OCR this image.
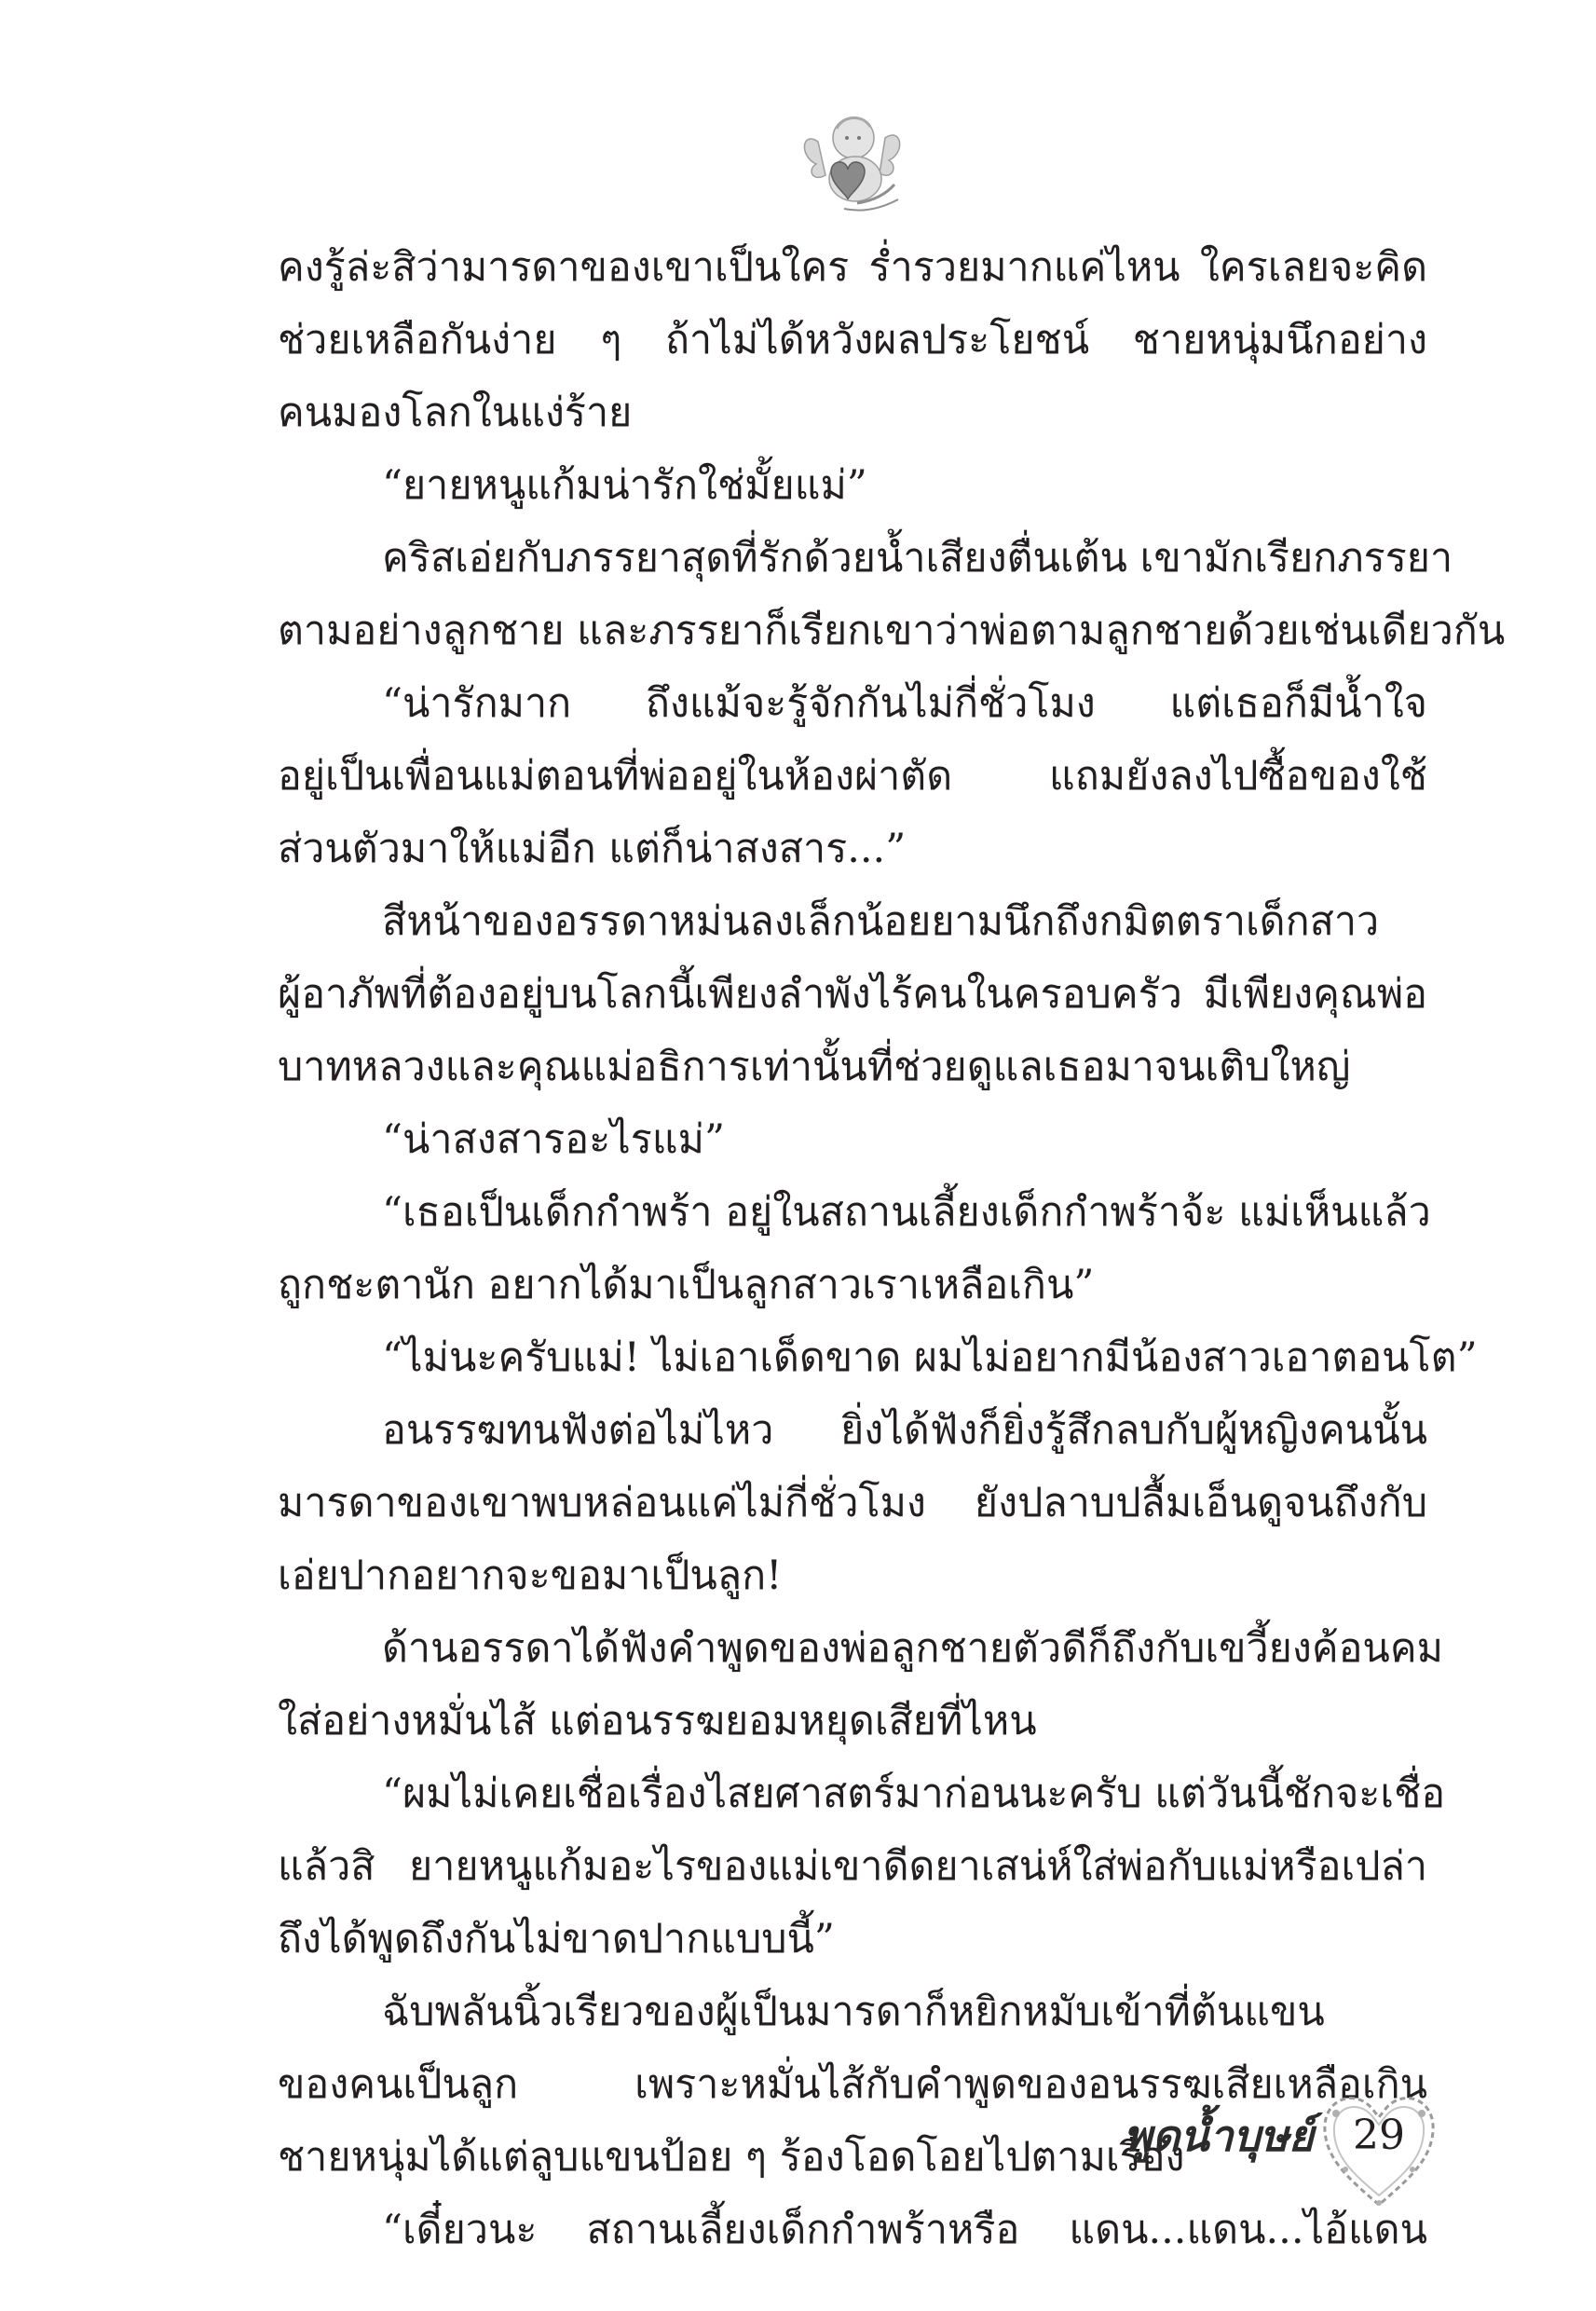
คงรู้ล่ะสิว่ามารดาของเขาเป็นใคร ร่ำรวยมากแค่ไหน ใครเลยจะคิด
ช่วยเหลือกันง่าย ๆ ถ้าไม่ได้หวังผลประโยชน์ ชายหนุ่มนึกอย่าง
คนมองโลกในแง่ร้าย
“ยายหนูแก้มน่ารักใช่มั้ยแม่”
คริสเอ่ยกับภรรยาสุดที่รักด้วยน้ำเสียงตื่นเต้น เขามักเรียกภรรยา
ตามอย่างลูกชาย และภรรยาก็เรียกเขาว่าพ่อตามลูกชายด้วยเช่นเดียวกัน
“น่ารักมาก ถึงแม้จะรู้จักกันไม่กี่ชั่วโมง แต่เธอก็มีน้ำใจ
อยู่เป็นเพื่อนแม่ตอนที่พ่ออยู่ในห้องผ่าตัด แถมยังลงไปซื้อของใช้
ส่วนตัวมาให้แม่อีก แต่ก็น่าสงสาร...”
สีหน้าของอรรดาหม่นลงเล็กน้อยยามนึกถึงกมิตตราเด็กสาว
ผู้อาภัพที่ต้องอยู่บนโลกนี้เพียงลำพังไร้คนในครอบครัว มีเพียงคุณพ่อ
บาทหลวงและคุณแม่อธิการเท่านั้นที่ช่วยดูแลเธอมาจนเติบใหญ่
“น่าสงสารอะไรแม่”
“เธอเป็นเด็กกำพร้า อยู่ในสถานเลี้ยงเด็กกำพร้าจ้ะ แม่เห็นแล้ว
ถูกชะตานัก อยากได้มาเป็นลูกสาวเราเหลือเกิน”
“ไม่นะครับแม่! ไม่เอาเด็ดขาด ผมไม่อยากมีน้องสาวเอาตอนโต”
อนรรฆทนฟังต่อไม่ไหว ยิ่งได้ฟังก็ยิ่งรู้สึกลบกับผู้หญิงคนนั้น
มารดาของเขาพบหล่อนแค่ไม่กี่ชั่วโมง ยังปลาบปลื้มเอ็นดูจนถึงกับ
เอ่ยปากอยากจะขอมาเป็นลูก!
ด้านอรรดาได้ฟังคำพูดของพ่อลูกชายตัวดีก็ถึงกับเขวี้ยงค้อนคม
ใส่อย่างหมั่นไส้ แต่อนรรฆยอมหยุดเสียที่ไหน
“ผมไม่เคยเชื่อเรื่องไสยศาสตร์มาก่อนนะครับ แต่วันนี้ชักจะเชื่อ
แล้วสิ ยายหนูแก้มอะไรของแม่เขาดีดยาเสน่ห์ใส่พ่อกับแม่หรือเปล่า
ถึงได้พูดถึงกันไม่ขาดปากแบบนี้”
ฉับพลันนิ้วเรียวของผู้เป็นมารดาก็หยิกหมับเข้าที่ต้นแขน
ของคนเป็นลูก เพราะหมั่นไส้กับคำพูดของอนรรฆเสียเหลือเกิน
ชายหนุ่มได้แต่ลูบแขนป้อย ๆ ร้องโอดโอยไปตามเรื่อง
“เดี๋ยวนะ สถานเลี้ยงเด็กกำพร้าหรือ แดน...แดน...ไอ้แดน
พูดน้ำบุษย์ 29
